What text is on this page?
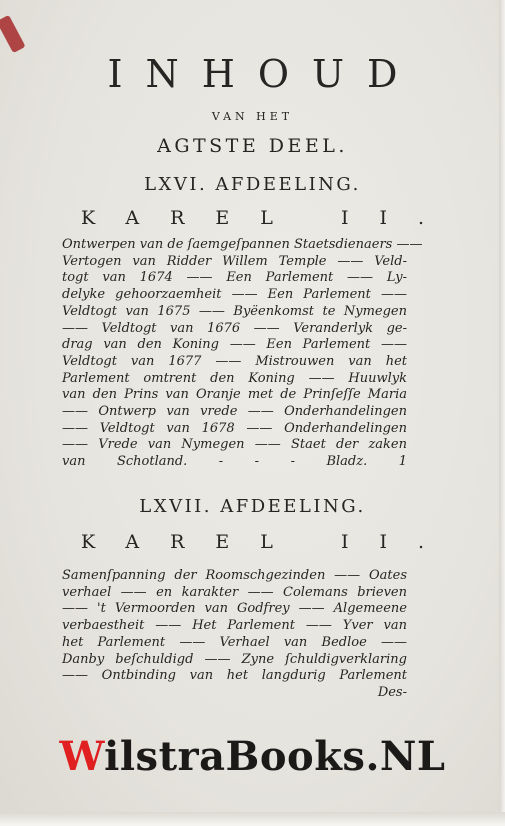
INHOUD
VAN HET
AGTSTE DEEL.
LXVI. AFDEELING.
KAREL II.
Ontwerpen van de ſaemgeſpannen Staetsdienaers ——
Vertogen van Ridder Willem Temple —— Veld-
togt van 1674 —— Een Parlement —— Ly-
delyke gehoorzaemheit —— Een Parlement ——
Veldtogt van 1675 —— Byëenkomst te Nymegen
—— Veldtogt van 1676 —— Veranderlyk ge-
drag van den Koning —— Een Parlement ——
Veldtogt van 1677 —— Mistrouwen van het
Parlement omtrent den Koning —— Huuwlyk
van den Prins van Oranje met de Prinſeſſe Maria
—— Ontwerp van vrede —— Onderhandelingen
—— Veldtogt van 1678 —— Onderhandelingen
—— Vrede van Nymegen —— Staet der zaken
van Schotland. - - - Bladz. 1
LXVII. AFDEELING.
KAREL II.
Samenſpanning der Roomschgezinden —— Oates
verhael —— en karakter —— Colemans brieven
—— 't Vermoorden van Godfrey —— Algemeene
verbaestheit —— Het Parlement —— Yver van
het Parlement —— Verhael van Bedloe ——
Danby beſchuldigd —— Zyne ſchuldigverklaring
—— Ontbinding van het langdurig Parlement
Des-
WilstraBooks.NL
